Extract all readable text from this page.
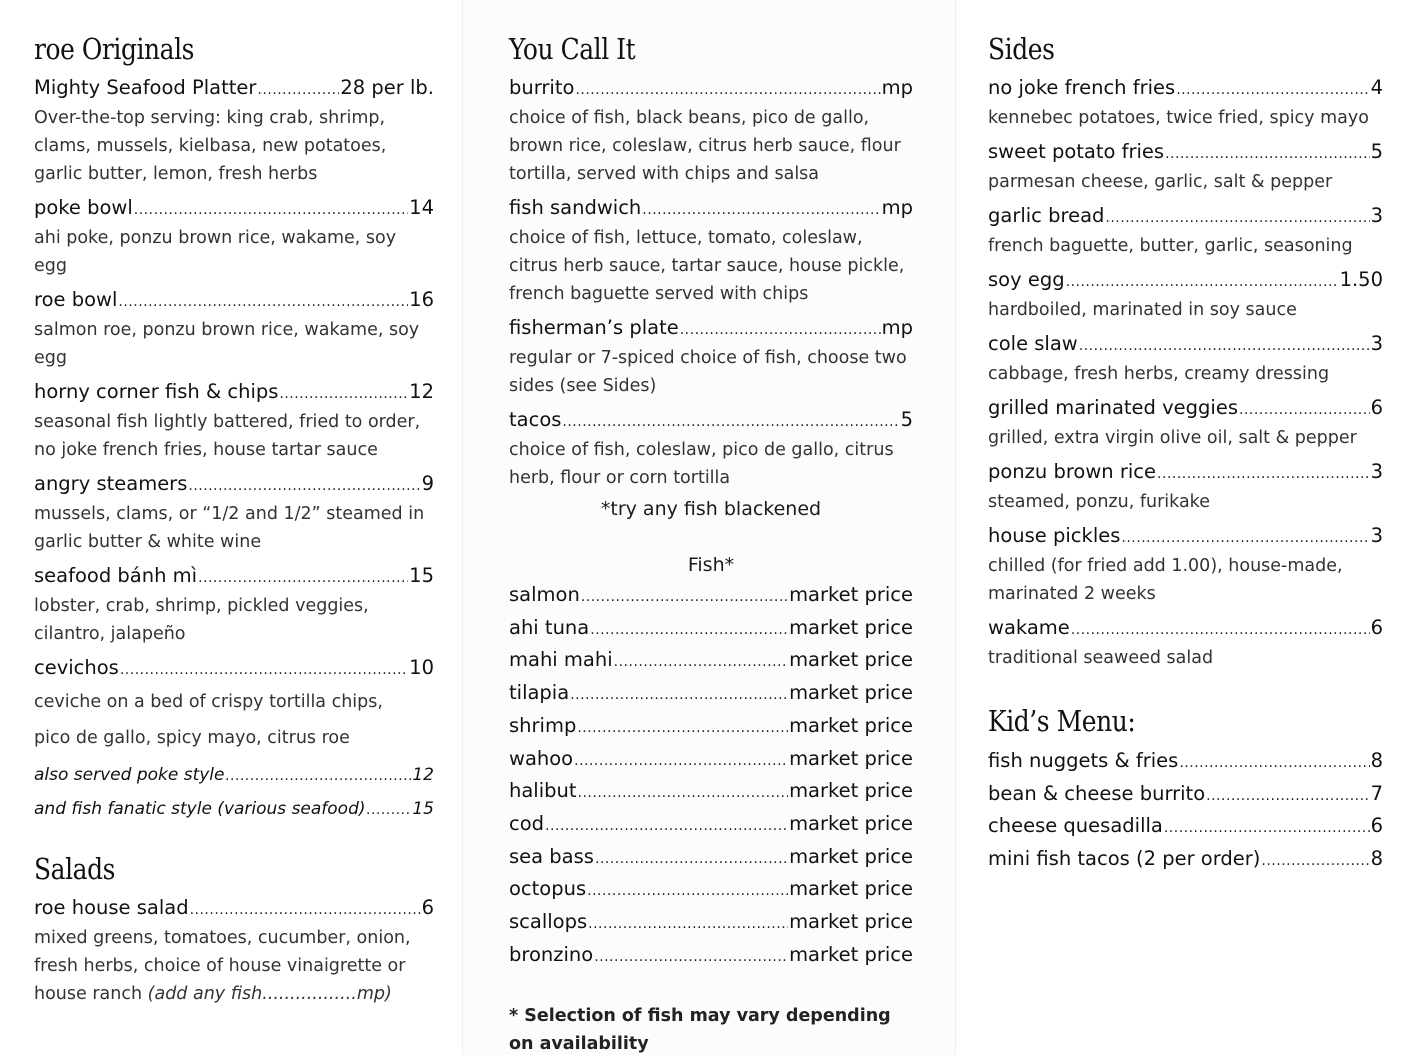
roe Originals
Mighty Seafood Platter .....	28 per lb.
Over-the-top serving: king crab, shrimp, clams, mussels, kielbasa, new potatoes, garlic butter, lemon, fresh herbs
poke bowl .....	14
ahi poke, ponzu brown rice, wakame, soy egg
roe bowl .....	16
salmon roe, ponzu brown rice, wakame, soy egg
horny corner fish & chips .....	12
seasonal fish lightly battered, fried to order, no joke french fries, house tartar sauce
angry steamers .....	9
mussels, clams, or “1/2 and 1/2” steamed in garlic butter & white wine
seafood bánh mì .....	15
lobster, crab, shrimp, pickled veggies, cilantro, jalapeño
cevichos .....	10
ceviche on a bed of crispy tortilla chips,
pico de gallo, spicy mayo, citrus roe
also served poke style .....	12
and fish fanatic style (various seafood) .....	15
Salads
roe house salad .....	6
mixed greens, tomatoes, cucumber, onion, fresh herbs, choice of house vinaigrette or house ranch (add any fish.................mp)
You Call It
burrito .....	mp
choice of fish, black beans, pico de gallo, brown rice, coleslaw, citrus herb sauce, flour tortilla, served with chips and salsa
fish sandwich .....	mp
choice of fish, lettuce, tomato, coleslaw, citrus herb sauce, tartar sauce, house pickle, french baguette served with chips
fisherman’s plate .....	mp
regular or 7-spiced choice of fish, choose two sides (see Sides)
tacos .....	5
choice of fish, coleslaw, pico de gallo, citrus herb, flour or corn tortilla
*try any fish blackened
Fish*
salmon .....	market price
ahi tuna .....	market price
mahi mahi .....	market price
tilapia .....	market price
shrimp .....	market price
wahoo .....	market price
halibut .....	market price
cod .....	market price
sea bass .....	market price
octopus .....	market price
scallops .....	market price
bronzino .....	market price
* Selection of fish may vary depending on availability
Sides
no joke french fries .....	4
kennebec potatoes, twice fried, spicy mayo
sweet potato fries .....	5
parmesan cheese, garlic, salt & pepper
garlic bread .....	3
french baguette, butter, garlic, seasoning
soy egg .....	1.50
hardboiled, marinated in soy sauce
cole slaw .....	3
cabbage, fresh herbs, creamy dressing
grilled marinated veggies .....	6
grilled, extra virgin olive oil, salt & pepper
ponzu brown rice .....	3
steamed, ponzu, furikake
house pickles .....	3
chilled (for fried add 1.00), house-made, marinated 2 weeks
wakame .....	6
traditional seaweed salad
Kid’s Menu:
fish nuggets & fries .....	8
bean & cheese burrito .....	7
cheese quesadilla .....	6
mini fish tacos (2 per order) .....	8
